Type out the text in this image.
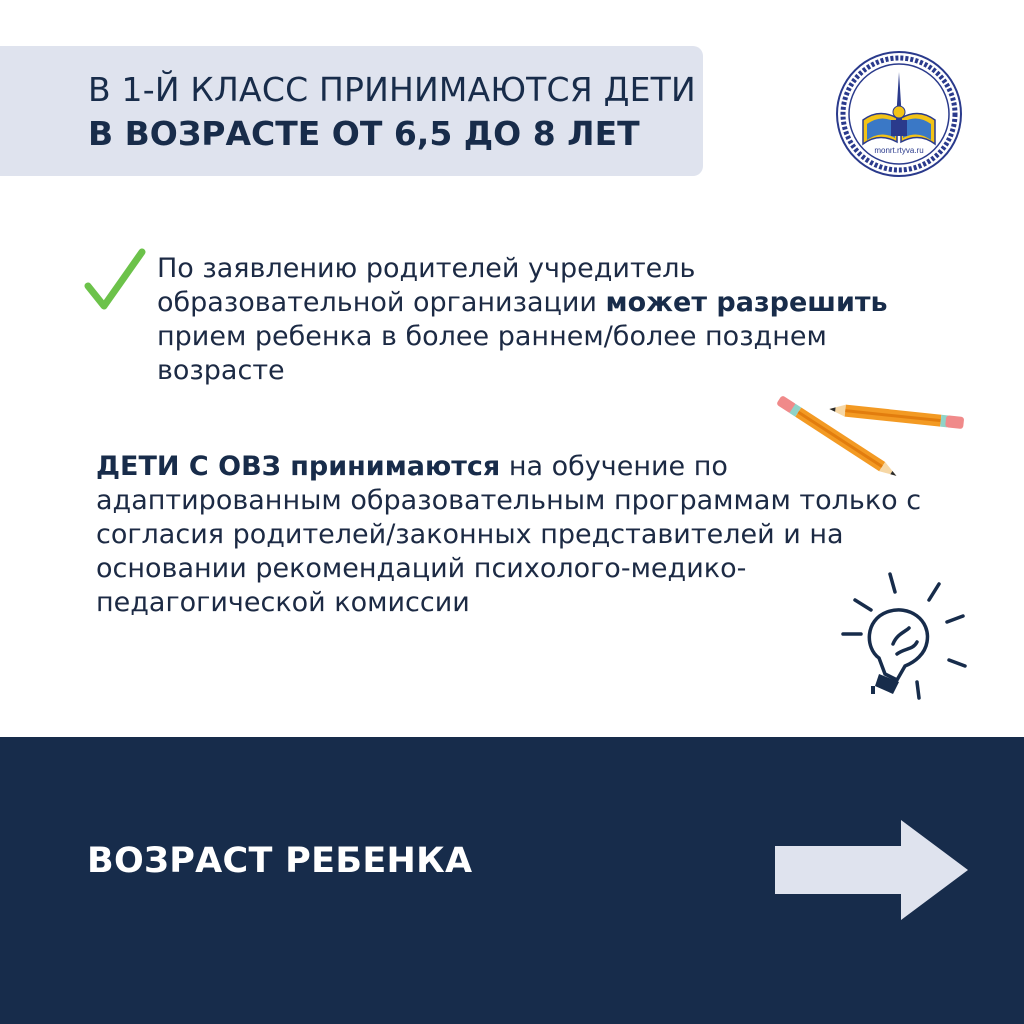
В 1-Й КЛАСС ПРИНИМАЮТСЯ ДЕТИ
В ВОЗРАСТЕ ОТ 6,5 ДО 8 ЛЕТ	monrt.rtyva.ru
По заявлению родителей учредитель образовательной организации может разрешить прием ребенка в более раннем/более позднем возрасте
ДЕТИ С ОВЗ принимаются на обучение по адаптированным образовательным программам только с согласия родителей/законных представителей и на основании рекомендаций психолого-медико-педагогической комиссии
ВОЗРАСТ РЕБЕНКА
